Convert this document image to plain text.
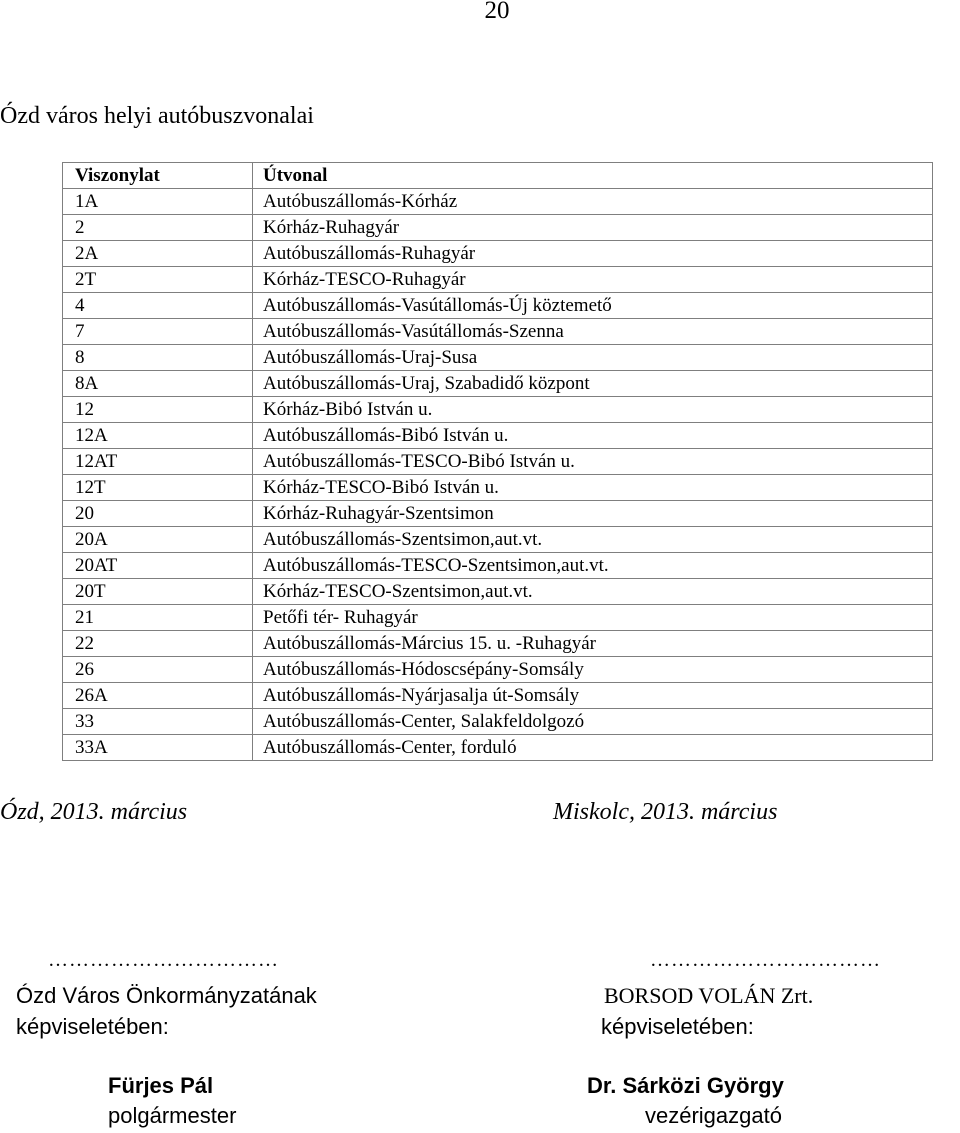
20
Ózd város helyi autóbuszvonalai
Viszonylat	Útvonal
1A	Autóbuszállomás-Kórház
2	Kórház-Ruhagyár
2A	Autóbuszállomás-Ruhagyár
2T	Kórház-TESCO-Ruhagyár
4	Autóbuszállomás-Vasútállomás-Új köztemető
7	Autóbuszállomás-Vasútállomás-Szenna
8	Autóbuszállomás-Uraj-Susa
8A	Autóbuszállomás-Uraj, Szabadidő központ
12	Kórház-Bibó István u.
12A	Autóbuszállomás-Bibó István u.
12AT	Autóbuszállomás-TESCO-Bibó István u.
12T	Kórház-TESCO-Bibó István u.
20	Kórház-Ruhagyár-Szentsimon
20A	Autóbuszállomás-Szentsimon,aut.vt.
20AT	Autóbuszállomás-TESCO-Szentsimon,aut.vt.
20T	Kórház-TESCO-Szentsimon,aut.vt.
21	Petőfi tér- Ruhagyár
22	Autóbuszállomás-Március 15. u. -Ruhagyár
26	Autóbuszállomás-Hódoscsépány-Somsály
26A	Autóbuszállomás-Nyárjasalja út-Somsály
33	Autóbuszállomás-Center, Salakfeldolgozó
33A	Autóbuszállomás-Center, forduló
Ózd, 2013. március	Miskolc, 2013. március
……………………………
Ózd Város Önkormányzatának
képviseletében:
Fürjes Pál
polgármester
……………………………
BORSOD VOLÁN Zrt.
képviseletében:
Dr. Sárközi György
vezérigazgató
